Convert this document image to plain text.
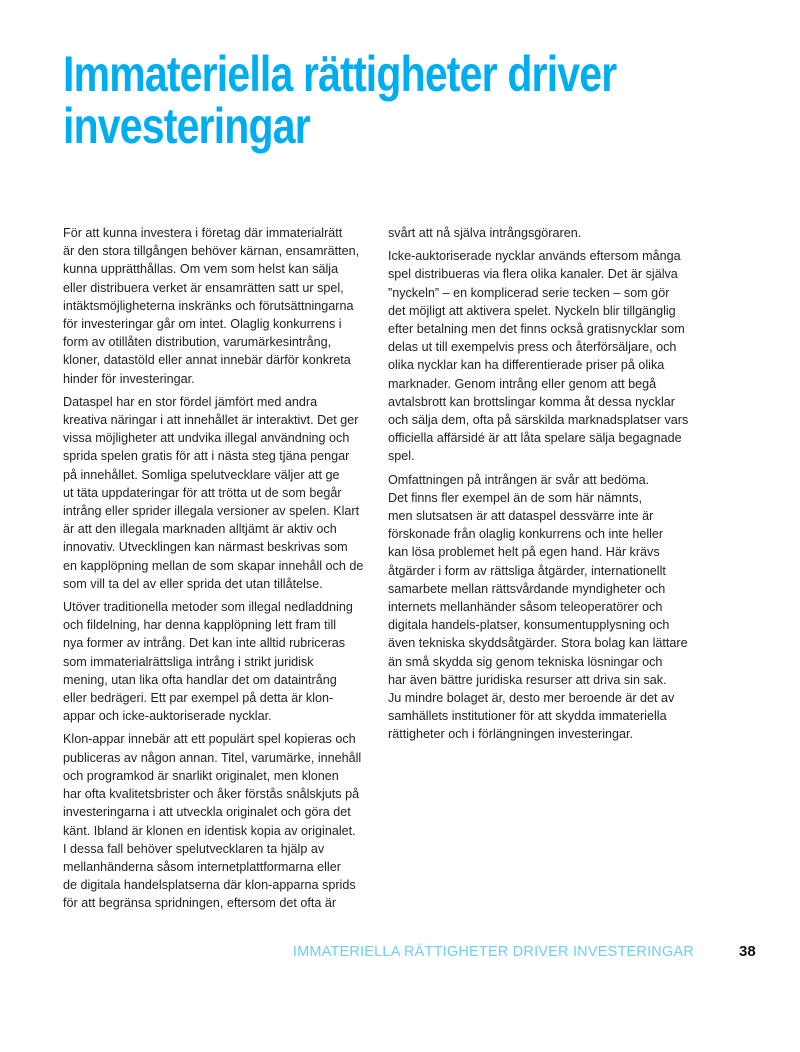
Immateriella rättigheter driver
investeringar

För att kunna investera i företag där immaterialrätt
är den stora tillgången behöver kärnan, ensamrätten,
kunna upprätthållas. Om vem som helst kan sälja
eller distribuera verket är ensamrätten satt ur spel,
intäktsmöjligheterna inskränks och förutsättningarna
för investeringar går om intet. Olaglig konkurrens i
form av otillåten distribution, varumärkesintrång,
kloner, datastöld eller annat innebär därför konkreta
hinder för investeringar.

Dataspel har en stor fördel jämfört med andra
kreativa näringar i att innehållet är interaktivt. Det ger
vissa möjligheter att undvika illegal användning och
sprida spelen gratis för att i nästa steg tjäna pengar
på innehållet. Somliga spelutvecklare väljer att ge
ut täta uppdateringar för att trötta ut de som begår
intrång eller sprider illegala versioner av spelen. Klart
är att den illegala marknaden alltjämt är aktiv och
innovativ. Utvecklingen kan närmast beskrivas som
en kapplöpning mellan de som skapar innehåll och de
som vill ta del av eller sprida det utan tillåtelse.

Utöver traditionella metoder som illegal nedladdning
och fildelning, har denna kapplöpning lett fram till
nya former av intrång. Det kan inte alltid rubriceras
som immaterialrättsliga intrång i strikt juridisk
mening, utan lika ofta handlar det om dataintrång
eller bedrägeri. Ett par exempel på detta är klon-
appar och icke-auktoriserade nycklar.

Klon-appar innebär att ett populärt spel kopieras och
publiceras av någon annan. Titel, varumärke, innehåll
och programkod är snarlikt originalet, men klonen
har ofta kvalitetsbrister och åker förstås snålskjuts på
investeringarna i att utveckla originalet och göra det
känt. Ibland är klonen en identisk kopia av originalet.
I dessa fall behöver spelutvecklaren ta hjälp av
mellanhänderna såsom internetplattformarna eller
de digitala handelsplatserna där klon-apparna sprids
för att begränsa spridningen, eftersom det ofta är

svårt att nå själva intrångsgöraren.

Icke-auktoriserade nycklar används eftersom många
spel distribueras via flera olika kanaler. Det är själva
”nyckeln” – en komplicerad serie tecken – som gör
det möjligt att aktivera spelet. Nyckeln blir tillgänglig
efter betalning men det finns också gratisnycklar som
delas ut till exempelvis press och återförsäljare, och
olika nycklar kan ha differentierade priser på olika
marknader. Genom intrång eller genom att begå
avtalsbrott kan brottslingar komma åt dessa nycklar
och sälja dem, ofta på särskilda marknadsplatser vars
officiella affärsidé är att låta spelare sälja begagnade
spel.

Omfattningen på intrången är svår att bedöma.
Det finns fler exempel än de som här nämnts,
men slutsatsen är att dataspel dessvärre inte är
förskonade från olaglig konkurrens och inte heller
kan lösa problemet helt på egen hand. Här krävs
åtgärder i form av rättsliga åtgärder, internationellt
samarbete mellan rättsvårdande myndigheter och
internets mellanhänder såsom teleoperatörer och
digitala handels-platser, konsumentupplysning och
även tekniska skyddsåtgärder. Stora bolag kan lättare
än små skydda sig genom tekniska lösningar och
har även bättre juridiska resurser att driva sin sak.
Ju mindre bolaget är, desto mer beroende är det av
samhällets institutioner för att skydda immateriella
rättigheter och i förlängningen investeringar.

IMMATERIELLA RÄTTIGHETER DRIVER INVESTERINGAR	38
